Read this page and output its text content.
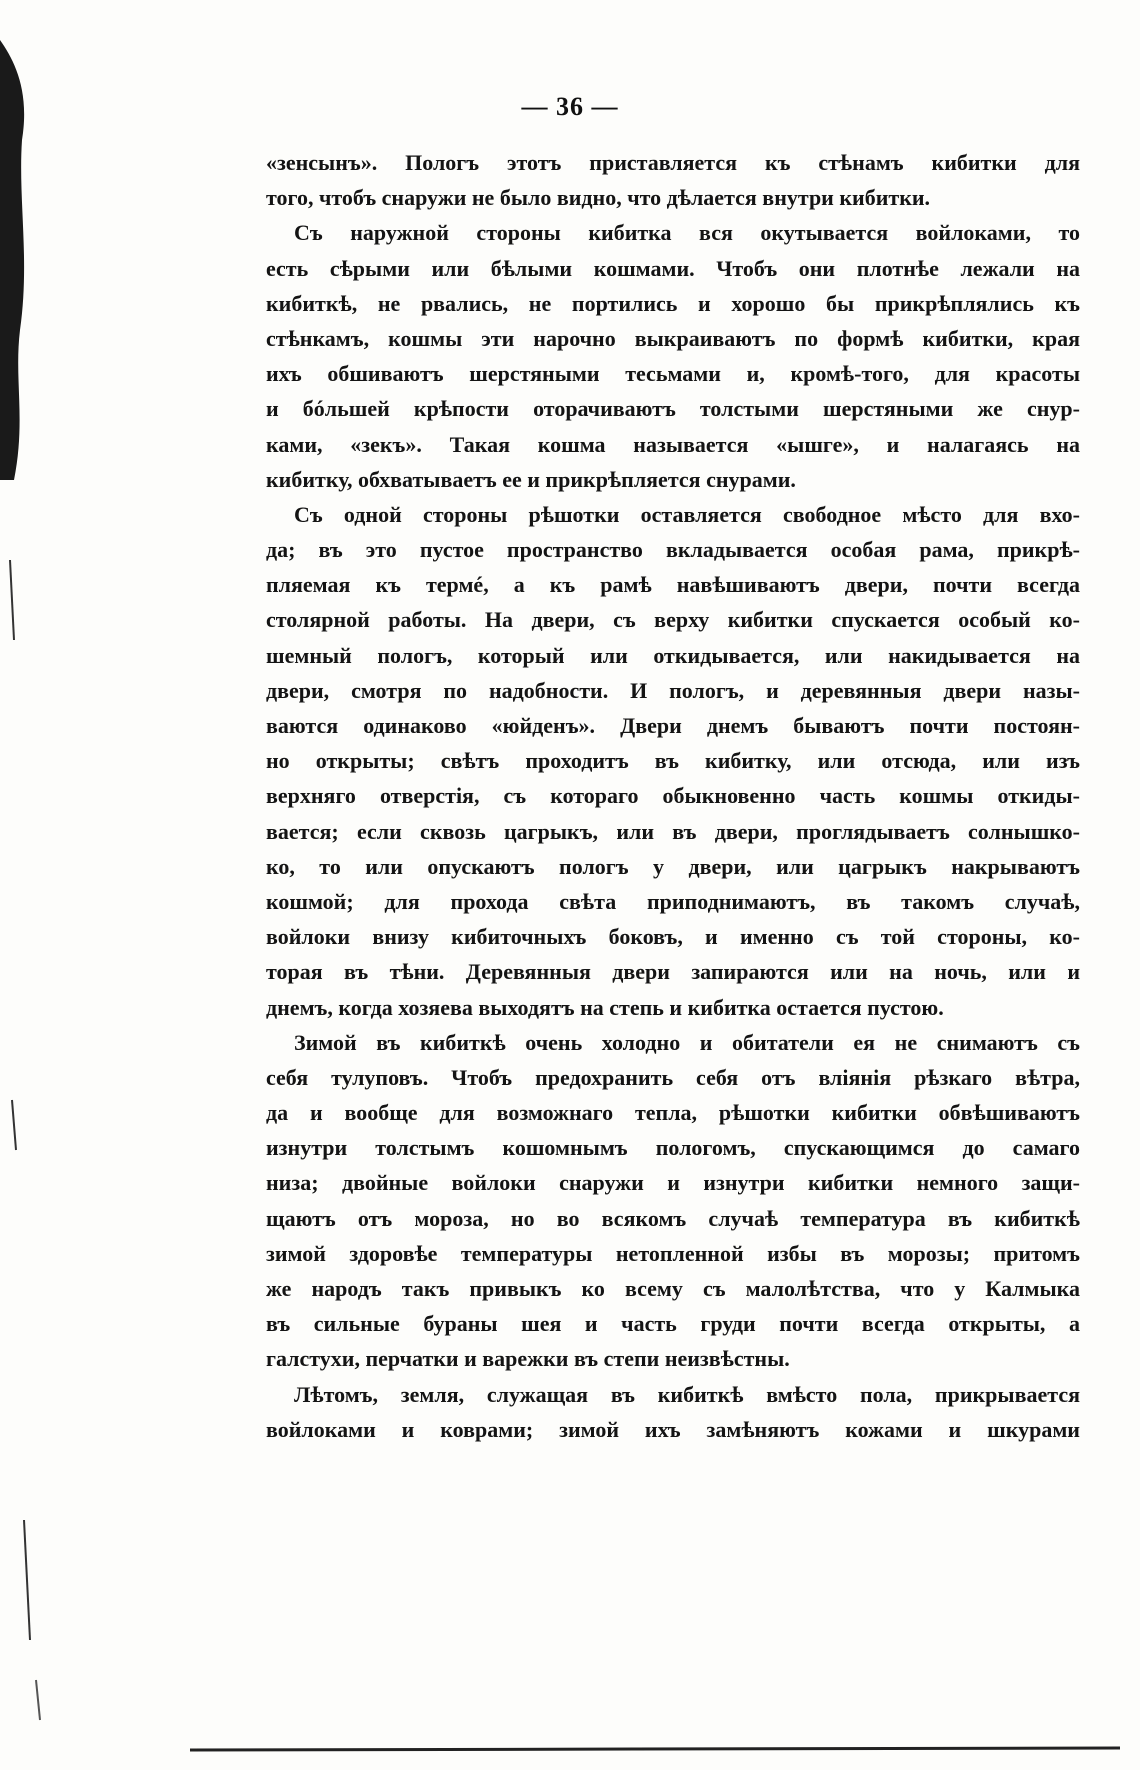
— 36 —

«зенсынъ». Пологъ этотъ приставляется къ стѣнамъ кибитки для
того, чтобъ снаружи не было видно, что дѣлается внутри кибитки.

Съ наружной стороны кибитка вся окутывается войлоками, то
есть сѣрыми или бѣлыми кошмами. Чтобъ они плотнѣе лежали на
кибиткѣ, не рвались, не портились и хорошо бы прикрѣплялись къ
стѣнкамъ, кошмы эти нарочно выкраиваютъ по формѣ кибитки, края
ихъ обшиваютъ шерстяными тесьмами и, кромѣ-того, для красоты
и бóльшей крѣпости оторачиваютъ толстыми шерстяными же снур-
ками, «зекъ». Такая кошма называется «ышге», и налагаясь на
кибитку, обхватываетъ ее и прикрѣпляется снурами.

Съ одной стороны рѣшотки оставляется свободное мѣсто для вхо-
да; въ это пустое пространство вкладывается особая рама, прикрѣ-
пляемая къ термé, а къ рамѣ навѣшиваютъ двери, почти всегда
столярной работы. На двери, съ верху кибитки спускается особый ко-
шемный пологъ, который или откидывается, или накидывается на
двери, смотря по надобности. И пологъ, и деревянныя двери назы-
ваются одинаково «юйденъ». Двери днемъ бываютъ почти постоян-
но открыты; свѣтъ проходитъ въ кибитку, или отсюда, или изъ
верхняго отверстія, съ котораго обыкновенно часть кошмы откиды-
вается; если сквозь цагрыкъ, или въ двери, проглядываетъ солнышко-
ко, то или опускаютъ пологъ у двери, или цагрыкъ накрываютъ
кошмой; для прохода свѣта приподнимаютъ, въ такомъ случаѣ,
войлоки внизу кибиточныхъ боковъ, и именно съ той стороны, ко-
торая въ тѣни. Деревянныя двери запираются или на ночь, или и
днемъ, когда хозяева выходятъ на степь и кибитка остается пустою.

Зимой въ кибиткѣ очень холодно и обитатели ея не снимаютъ съ
себя тулуповъ. Чтобъ предохранить себя отъ вліянія рѣзкаго вѣтра,
да и вообще для возможнаго тепла, рѣшотки кибитки обвѣшиваютъ
изнутри толстымъ кошомнымъ пологомъ, спускающимся до самаго
низа; двойные войлоки снаружи и изнутри кибитки немного защи-
щаютъ отъ мороза, но во всякомъ случаѣ температура въ кибиткѣ
зимой здоровѣе температуры нетопленной избы въ морозы; притомъ
же народъ такъ привыкъ ко всему съ малолѣтства, что у Калмыка
въ сильные бураны шея и часть груди почти всегда открыты, а
галстухи, перчатки и варежки въ степи неизвѣстны.

Лѣтомъ, земля, служащая въ кибиткѣ вмѣсто пола, прикрывается
войлоками и коврами; зимой ихъ замѣняютъ кожами и шкурами
